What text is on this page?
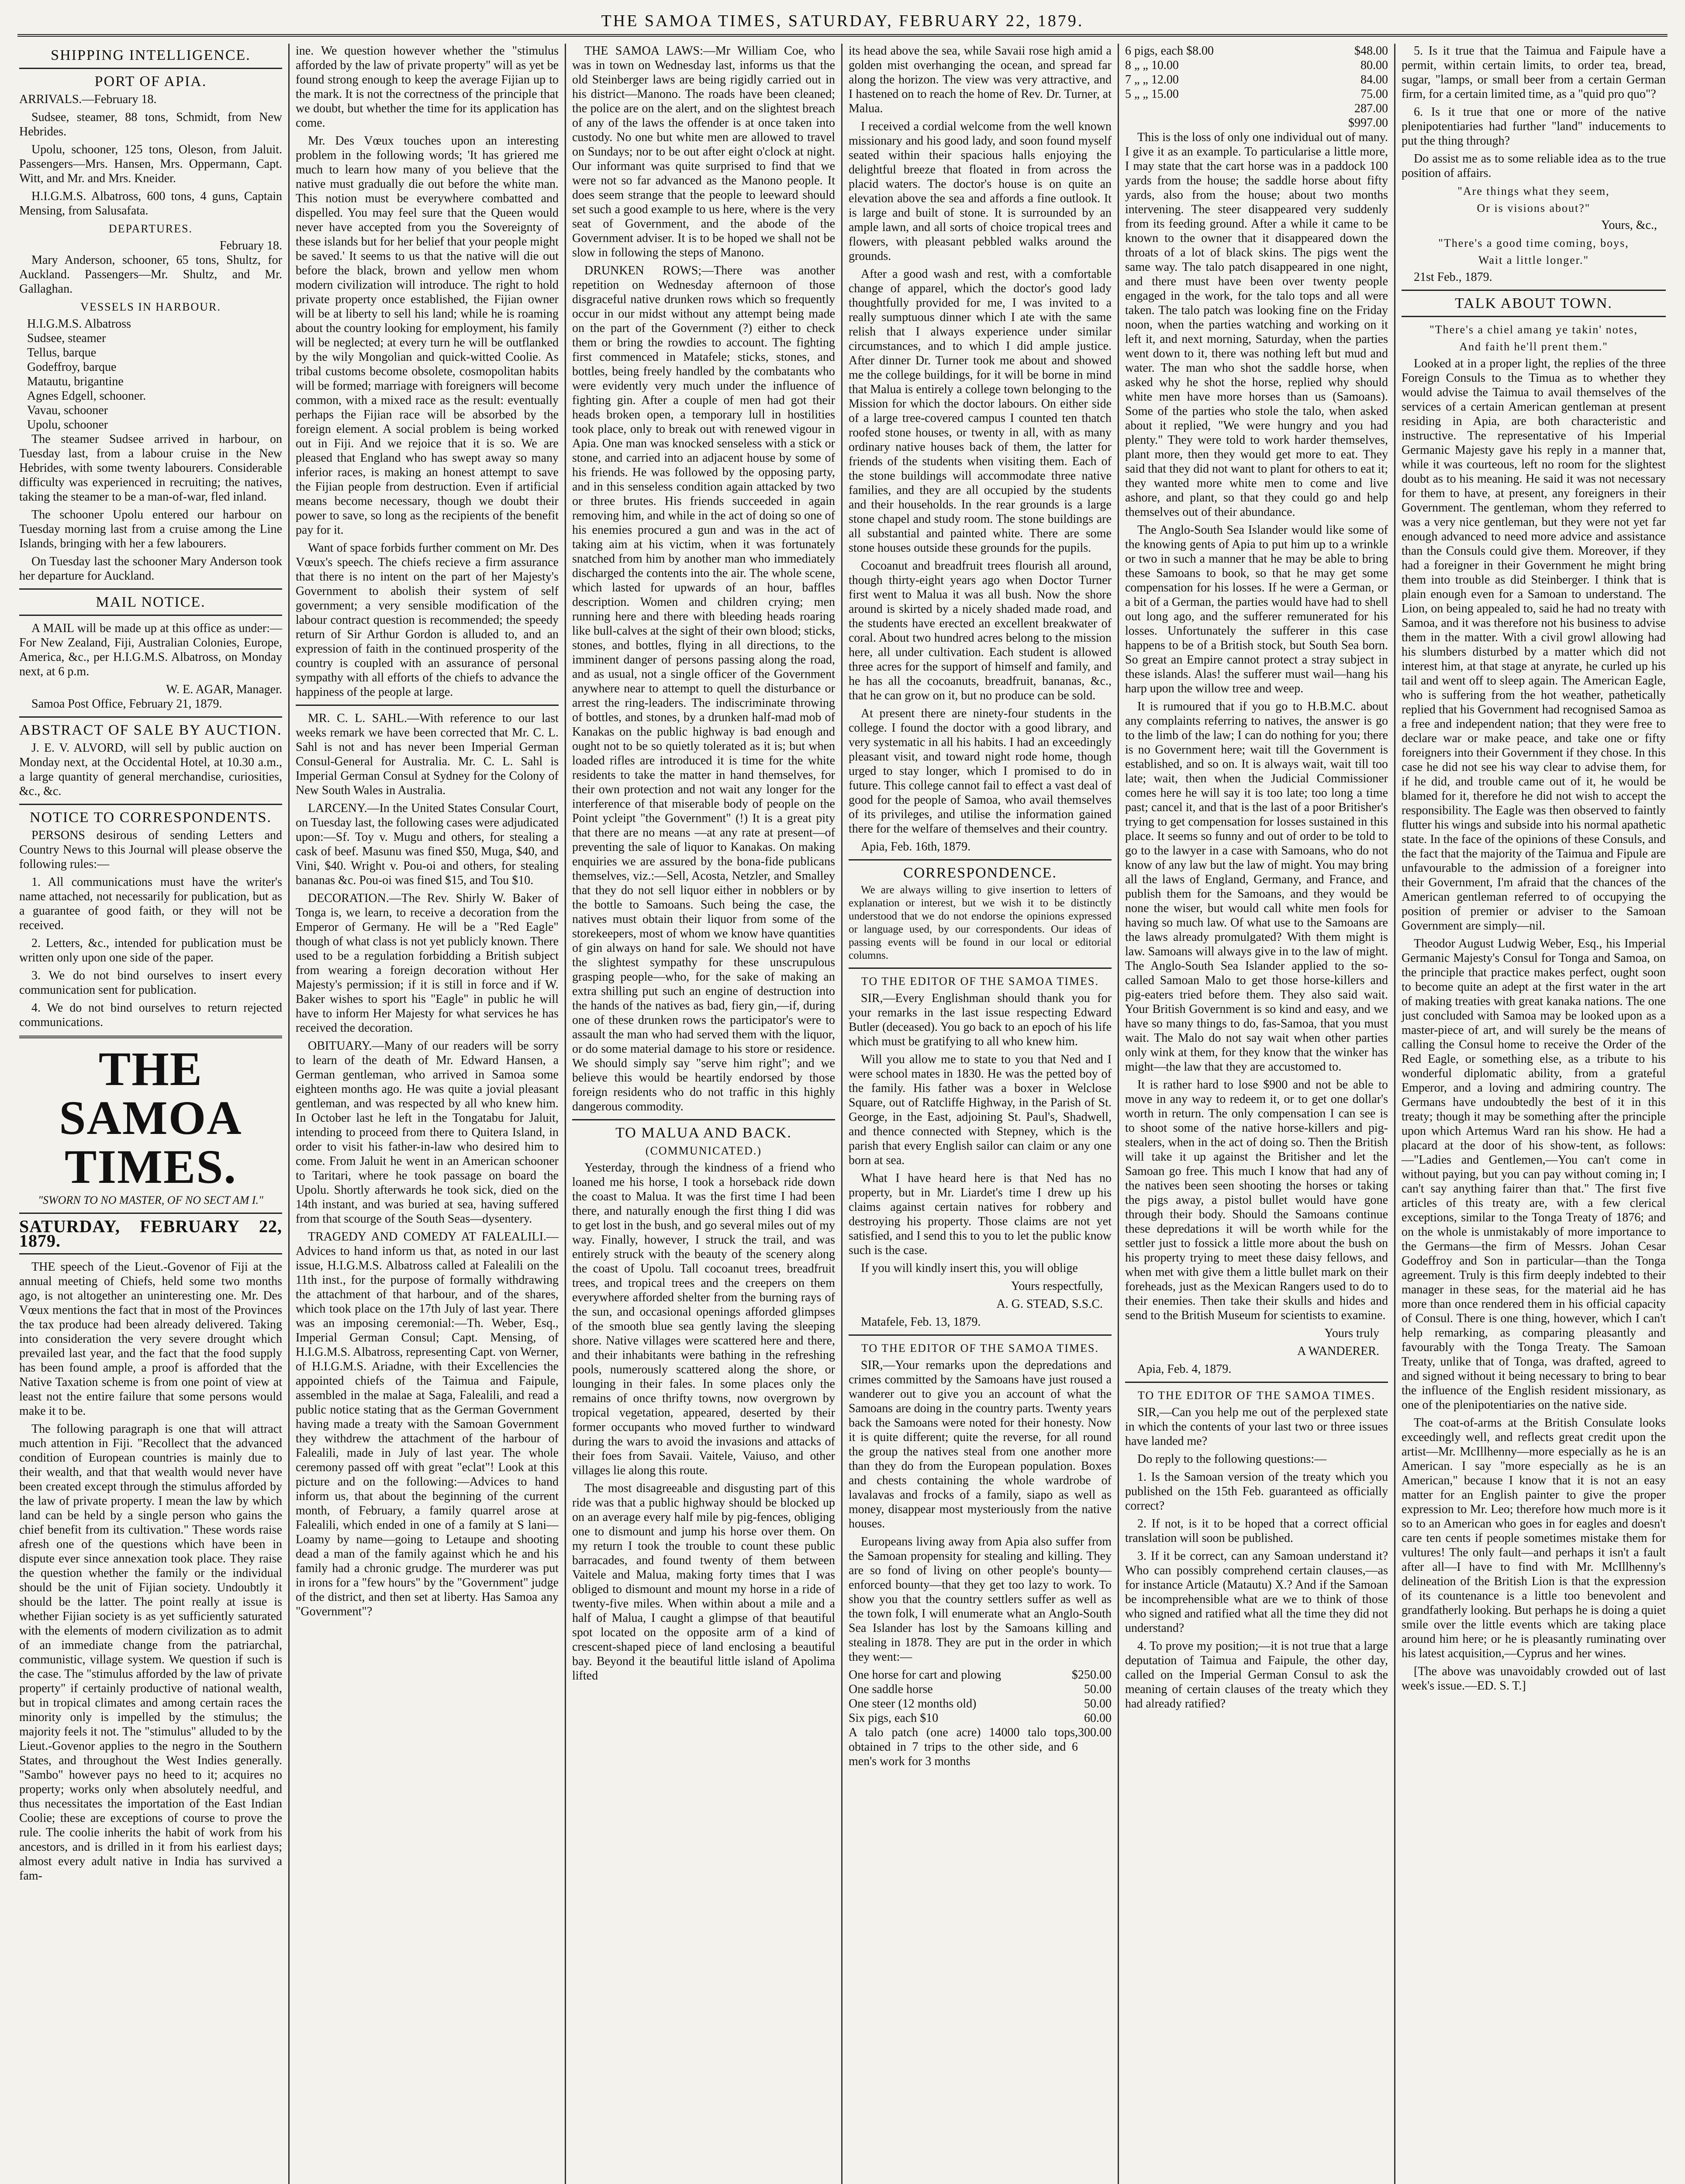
THE SAMOA TIMES, SATURDAY, FEBRUARY 22, 1879.
SHIPPING INTELLIGENCE.
PORT OF APIA.

ARRIVALS.—February 18.

Sudsee, steamer, 88 tons, Schmidt, from New Hebrides.

Upolu, schooner, 125 tons, Oleson, from Jaluit. Passengers—Mrs. Hansen, Mrs. Oppermann, Capt. Witt, and Mr. and Mrs. Kneider.

H.I.G.M.S. Albatross, 600 tons, 4 guns, Captain Mensing, from Salusafata.

DEPARTURES.
February 18.

Mary Anderson, schooner, 65 tons, Shultz, for Auckland. Passengers—Mr. Shultz, and Mr. Gallaghan.

VESSELS IN HARBOUR.

H.I.G.M.S. Albatross

Sudsee, steamer

Tellus, barque

Godeffroy, barque

Matautu, brigantine

Agnes Edgell, schooner.

Vavau, schooner

Upolu, schooner

The steamer Sudsee arrived in harbour, on Tuesday last, from a labour cruise in the New Hebrides, with some twenty labourers. Considerable difficulty was experienced in recruiting; the natives, taking the steamer to be a man-of-war, fled inland.

The schooner Upolu entered our harbour on Tuesday morning last from a cruise among the Line Islands, bringing with her a few labourers.

On Tuesday last the schooner Mary Anderson took her departure for Auckland.

MAIL NOTICE.

A MAIL will be made up at this office as under:— For New Zealand, Fiji, Australian Colonies, Europe, America, &c., per H.I.G.M.S. Albatross, on Monday next, at 6 p.m.

W. E. AGAR, Manager.

Samoa Post Office, February 21, 1879.

ABSTRACT OF SALE BY AUCTION.

J. E. V. ALVORD, will sell by public auction on Monday next, at the Occidental Hotel, at 10.30 a.m., a large quantity of general merchandise, curiosities, &c., &c.

NOTICE TO CORRESPONDENTS.

PERSONS desirous of sending Letters and Country News to this Journal will please observe the following rules:—

1. All communications must have the writer's name attached, not necessarily for publication, but as a guarantee of good faith, or they will not be received.

2. Letters, &c., intended for publication must be written only upon one side of the paper.

3. We do not bind ourselves to insert every communication sent for publication.

4. We do not bind ourselves to return rejected communications.

THE SAMOA TIMES.
"SWORN TO NO MASTER, OF NO SECT AM I."
SATURDAY, FEBRUARY 22, 1879.

THE speech of the Lieut.-Govenor of Fiji at the annual meeting of Chiefs, held some two months ago, is not altogether an uninteresting one. Mr. Des Vœux mentions the fact that in most of the Provinces the tax produce had been already delivered. Taking into consideration the very severe drought which prevailed last year, and the fact that the food supply has been found ample, a proof is afforded that the Native Taxation scheme is from one point of view at least not the entire failure that some persons would make it to be.

The following paragraph is one that will attract much attention in Fiji. "Recollect that the advanced condition of European countries is mainly due to their wealth, and that that wealth would never have been created except through the stimulus afforded by the law of private property. I mean the law by which land can be held by a single person who gains the chief benefit from its cultivation." These words raise afresh one of the questions which have been in dispute ever since annexation took place. They raise the question whether the family or the individual should be the unit of Fijian society. Undoubtly it should be the latter. The point really at issue is whether Fijian society is as yet sufficiently saturated with the elements of modern civilization as to admit of an immediate change from the patriarchal, communistic, village system. We question if such is the case. The "stimulus afforded by the law of private property" if certainly productive of national wealth, but in tropical climates and among certain races the minority only is impelled by the stimulus; the majority feels it not. The "stimulus" alluded to by the Lieut.-Govenor applies to the negro in the Southern States, and throughout the West Indies generally. "Sambo" however pays no heed to it; acquires no property; works only when absolutely needful, and thus necessitates the importation of the East Indian Coolie; these are exceptions of course to prove the rule. The coolie inherits the habit of work from his ancestors, and is drilled in it from his earliest days; almost every adult native in India has survived a fam-

ine. We question however whether the "stimulus afforded by the law of private property" will as yet be found strong enough to keep the average Fijian up to the mark. It is not the correctness of the principle that we doubt, but whether the time for its application has come.

Mr. Des Vœux touches upon an interesting problem in the following words; 'It has griered me much to learn how many of you believe that the native must gradually die out before the white man. This notion must be everywhere combatted and dispelled. You may feel sure that the Queen would never have accepted from you the Sovereignty of these islands but for her belief that your people might be saved.' It seems to us that the native will die out before the black, brown and yellow men whom modern civilization will introduce. The right to hold private property once established, the Fijian owner will be at liberty to sell his land; while he is roaming about the country looking for employment, his family will be neglected; at every turn he will be outflanked by the wily Mongolian and quick-witted Coolie. As tribal customs become obsolete, cosmopolitan habits will be formed; marriage with foreigners will become common, with a mixed race as the result: eventually perhaps the Fijian race will be absorbed by the foreign element. A social problem is being worked out in Fiji. And we rejoice that it is so. We are pleased that England who has swept away so many inferior races, is making an honest attempt to save the Fijian people from destruction. Even if artificial means become necessary, though we doubt their power to save, so long as the recipients of the benefit pay for it.

Want of space forbids further comment on Mr. Des Vœux's speech. The chiefs recieve a firm assurance that there is no intent on the part of her Majesty's Government to abolish their system of self government; a very sensible modification of the labour contract question is recommended; the speedy return of Sir Arthur Gordon is alluded to, and an expression of faith in the continued prosperity of the country is coupled with an assurance of personal sympathy with all efforts of the chiefs to advance the happiness of the people at large.

MR. C. L. SAHL.—With reference to our last weeks remark we have been corrected that Mr. C. L. Sahl is not and has never been Imperial German Consul-General for Australia. Mr. C. L. Sahl is Imperial German Consul at Sydney for the Colony of New South Wales in Australia.

LARCENY.—In the United States Consular Court, on Tuesday last, the following cases were adjudicated upon:—Sf. Toy v. Mugu and others, for stealing a cask of beef. Masunu was fined $50, Muga, $40, and Vini, $40. Wright v. Pou-oi and others, for stealing bananas &c. Pou-oi was fined $15, and Tou $10.

DECORATION.—The Rev. Shirly W. Baker of Tonga is, we learn, to receive a decoration from the Emperor of Germany. He will be a "Red Eagle" though of what class is not yet publicly known. There used to be a regulation forbidding a British subject from wearing a foreign decoration without Her Majesty's permission; if it is still in force and if W. Baker wishes to sport his "Eagle" in public he will have to inform Her Majesty for what services he has received the decoration.

OBITUARY.—Many of our readers will be sorry to learn of the death of Mr. Edward Hansen, a German gentleman, who arrived in Samoa some eighteen months ago. He was quite a jovial pleasant gentleman, and was respected by all who knew him. In October last he left in the Tongatabu for Jaluit, intending to proceed from there to Quitera Island, in order to visit his father-in-law who desired him to come. From Jaluit he went in an American schooner to Taritari, where he took passage on board the Upolu. Shortly afterwards he took sick, died on the 14th instant, and was buried at sea, having suffered from that scourge of the South Seas—dysentery.

TRAGEDY AND COMEDY AT FALEALILI.—Advices to hand inform us that, as noted in our last issue, H.I.G.M.S. Albatross called at Falealili on the 11th inst., for the purpose of formally withdrawing the attachment of that harbour, and of the shares, which took place on the 17th July of last year. There was an imposing ceremonial:—Th. Weber, Esq., Imperial German Consul; Capt. Mensing, of H.I.G.M.S. Albatross, representing Capt. von Werner, of H.I.G.M.S. Ariadne, with their Excellencies the appointed chiefs of the Taimua and Faipule, assembled in the malae at Saga, Falealili, and read a public notice stating that as the German Government having made a treaty with the Samoan Government they withdrew the attachment of the harbour of Falealili, made in July of last year. The whole ceremony passed off with great "eclat"! Look at this picture and on the following:—Advices to hand inform us, that about the beginning of the current month, of February, a family quarrel arose at Falealili, which ended in one of a family at S lani—Loamy by name—going to Letaupe and shooting dead a man of the family against which he and his family had a chronic grudge. The murderer was put in irons for a "few hours" by the "Government" judge of the district, and then set at liberty. Has Samoa any "Government"?

THE SAMOA LAWS:—Mr William Coe, who was in town on Wednesday last, informs us that the old Steinberger laws are being rigidly carried out in his district—Manono. The roads have been cleaned; the police are on the alert, and on the slightest breach of any of the laws the offender is at once taken into custody. No one but white men are allowed to travel on Sundays; nor to be out after eight o'clock at night. Our informant was quite surprised to find that we were not so far advanced as the Manono people. It does seem strange that the people to leeward should set such a good example to us here, where is the very seat of Government, and the abode of the Government adviser. It is to be hoped we shall not be slow in following the steps of Manono.

DRUNKEN ROWS;—There was another repetition on Wednesday afternoon of those disgraceful native drunken rows which so frequently occur in our midst without any attempt being made on the part of the Government (?) either to check them or bring the rowdies to account. The fighting first commenced in Matafele; sticks, stones, and bottles, being freely handled by the combatants who were evidently very much under the influence of fighting gin. After a couple of men had got their heads broken open, a temporary lull in hostilities took place, only to break out with renewed vigour in Apia. One man was knocked senseless with a stick or stone, and carried into an adjacent house by some of his friends. He was followed by the opposing party, and in this senseless condition again attacked by two or three brutes. His friends succeeded in again removing him, and while in the act of doing so one of his enemies procured a gun and was in the act of taking aim at his victim, when it was fortunately snatched from him by another man who immediately discharged the contents into the air. The whole scene, which lasted for upwards of an hour, baffles description. Women and children crying; men running here and there with bleeding heads roaring like bull-calves at the sight of their own blood; sticks, stones, and bottles, flying in all directions, to the imminent danger of persons passing along the road, and as usual, not a single officer of the Government anywhere near to attempt to quell the disturbance or arrest the ring-leaders. The indiscriminate throwing of bottles, and stones, by a drunken half-mad mob of Kanakas on the public highway is bad enough and ought not to be so quietly tolerated as it is; but when loaded rifles are introduced it is time for the white residents to take the matter in hand themselves, for their own protection and not wait any longer for the interference of that miserable body of people on the Point ycleipt "the Government" (!) It is a great pity that there are no means —at any rate at present—of preventing the sale of liquor to Kanakas. On making enquiries we are assured by the bona-fide publicans themselves, viz.:—Sell, Acosta, Netzler, and Smalley that they do not sell liquor either in nobblers or by the bottle to Samoans. Such being the case, the natives must obtain their liquor from some of the storekeepers, most of whom we know have quantities of gin always on hand for sale. We should not have the slightest sympathy for these unscrupulous grasping people—who, for the sake of making an extra shilling put such an engine of destruction into the hands of the natives as bad, fiery gin,—if, during one of these drunken rows the participator's were to assault the man who had served them with the liquor, or do some material damage to his store or residence. We should simply say "serve him right"; and we believe this would be heartily endorsed by those foreign residents who do not traffic in this highly dangerous commodity.

TO MALUA AND BACK.
(COMMUNICATED.)

Yesterday, through the kindness of a friend who loaned me his horse, I took a horseback ride down the coast to Malua. It was the first time I had been there, and naturally enough the first thing I did was to get lost in the bush, and go several miles out of my way. Finally, however, I struck the trail, and was entirely struck with the beauty of the scenery along the coast of Upolu. Tall cocoanut trees, breadfruit trees, and tropical trees and the creepers on them everywhere afforded shelter from the burning rays of the sun, and occasional openings afforded glimpses of the smooth blue sea gently laving the sleeping shore. Native villages were scattered here and there, and their inhabitants were bathing in the refreshing pools, numerously scattered along the shore, or lounging in their fales. In some places only the remains of once thrifty towns, now overgrown by tropical vegetation, appeared, deserted by their former occupants who moved further to windward during the wars to avoid the invasions and attacks of their foes from Savaii. Vaitele, Vaiuso, and other villages lie along this route.

The most disagreeable and disgusting part of this ride was that a public highway should be blocked up on an average every half mile by pig-fences, obliging one to dismount and jump his horse over them. On my return I took the trouble to count these public barracades, and found twenty of them between Vaitele and Malua, making forty times that I was obliged to dismount and mount my horse in a ride of twenty-five miles. When within about a mile and a half of Malua, I caught a glimpse of that beautiful spot located on the opposite arm of a kind of crescent-shaped piece of land enclosing a beautiful bay. Beyond it the beautiful little island of Apolima lifted

its head above the sea, while Savaii rose high amid a golden mist overhanging the ocean, and spread far along the horizon. The view was very attractive, and I hastened on to reach the home of Rev. Dr. Turner, at Malua.

I received a cordial welcome from the well known missionary and his good lady, and soon found myself seated within their spacious halls enjoying the delightful breeze that floated in from across the placid waters. The doctor's house is on quite an elevation above the sea and affords a fine outlook. It is large and built of stone. It is surrounded by an ample lawn, and all sorts of choice tropical trees and flowers, with pleasant pebbled walks around the grounds.

After a good wash and rest, with a comfortable change of apparel, which the doctor's good lady thoughtfully provided for me, I was invited to a really sumptuous dinner which I ate with the same relish that I always experience under similar circumstances, and to which I did ample justice. After dinner Dr. Turner took me about and showed me the college buildings, for it will be borne in mind that Malua is entirely a college town belonging to the Mission for which the doctor labours. On either side of a large tree-covered campus I counted ten thatch roofed stone houses, or twenty in all, with as many ordinary native houses back of them, the latter for friends of the students when visiting them. Each of the stone buildings will accommodate three native families, and they are all occupied by the students and their households. In the rear grounds is a large stone chapel and study room. The stone buildings are all substantial and painted white. There are some stone houses outside these grounds for the pupils.

Cocoanut and breadfruit trees flourish all around, though thirty-eight years ago when Doctor Turner first went to Malua it was all bush. Now the shore around is skirted by a nicely shaded made road, and the students have erected an excellent breakwater of coral. About two hundred acres belong to the mission here, all under cultivation. Each student is allowed three acres for the support of himself and family, and he has all the cocoanuts, breadfruit, bananas, &c., that he can grow on it, but no produce can be sold.

At present there are ninety-four students in the college. I found the doctor with a good library, and very systematic in all his habits. I had an exceedingly pleasant visit, and toward night rode home, though urged to stay longer, which I promised to do in future. This college cannot fail to effect a vast deal of good for the people of Samoa, who avail themselves of its privileges, and utilise the information gained there for the welfare of themselves and their country.

Apia, Feb. 16th, 1879.

CORRESPONDENCE.

We are always willing to give insertion to letters of explanation or interest, but we wish it to be distinctly understood that we do not endorse the opinions expressed or language used, by our correspondents. Our ideas of passing events will be found in our local or editorial columns.

TO THE EDITOR OF THE SAMOA TIMES.

SIR,—Every Englishman should thank you for your remarks in the last issue respecting Edward Butler (deceased). You go back to an epoch of his life which must be gratifying to all who knew him.

Will you allow me to state to you that Ned and I were school mates in 1830. He was the petted boy of the family. His father was a boxer in Welclose Square, out of Ratcliffe Highway, in the Parish of St. George, in the East, adjoining St. Paul's, Shadwell, and thence connected with Stepney, which is the parish that every English sailor can claim or any one born at sea.

What I have heard here is that Ned has no property, but in Mr. Liardet's time I drew up his claims against certain natives for robbery and destroying his property. Those claims are not yet satisfied, and I send this to you to let the public know such is the case.

If you will kindly insert this, you will oblige

Yours respectfully,
A. G. STEAD, S.S.C.

Matafele, Feb. 13, 1879.

TO THE EDITOR OF THE SAMOA TIMES.

SIR,—Your remarks upon the depredations and crimes committed by the Samoans have just roused a wanderer out to give you an account of what the Samoans are doing in the country parts. Twenty years back the Samoans were noted for their honesty. Now it is quite different; quite the reverse, for all round the group the natives steal from one another more than they do from the European population. Boxes and chests containing the whole wardrobe of lavalavas and frocks of a family, siapo as well as money, disappear most mysteriously from the native houses.

Europeans living away from Apia also suffer from the Samoan propensity for stealing and killing. They are so fond of living on other people's bounty—enforced bounty—that they get too lazy to work. To show you that the country settlers suffer as well as the town folk, I will enumerate what an Anglo-South Sea Islander has lost by the Samoans killing and stealing in 1878. They are put in the order in which they went:—

One horse for cart and plowing	$250.00
One saddle horse	50.00
One steer (12 months old)	50.00
Six pigs, each $10	60.00
A talo patch (one acre) 14000 talo tops, obtained in 7 trips to the other side, and 6 men's work for 3 months
300.00
6 pigs, each $8.00	$48.00
8 „ „ 10.00	80.00
7 „ „ 12.00	84.00
5 „ „ 15.00	75.00
287.00
$997.00

This is the loss of only one individual out of many. I give it as an example. To particularise a little more, I may state that the cart horse was in a paddock 100 yards from the house; the saddle horse about fifty yards, also from the house; about two months intervening. The steer disappeared very suddenly from its feeding ground. After a while it came to be known to the owner that it disappeared down the throats of a lot of black skins. The pigs went the same way. The talo patch disappeared in one night, and there must have been over twenty people engaged in the work, for the talo tops and all were taken. The talo patch was looking fine on the Friday noon, when the parties watching and working on it left it, and next morning, Saturday, when the parties went down to it, there was nothing left but mud and water. The man who shot the saddle horse, when asked why he shot the horse, replied why should white men have more horses than us (Samoans). Some of the parties who stole the talo, when asked about it replied, "We were hungry and you had plenty." They were told to work harder themselves, plant more, then they would get more to eat. They said that they did not want to plant for others to eat it; they wanted more white men to come and live ashore, and plant, so that they could go and help themselves out of their abundance.

The Anglo-South Sea Islander would like some of the knowing gents of Apia to put him up to a wrinkle or two in such a manner that he may be able to bring these Samoans to book, so that he may get some compensation for his losses. If he were a German, or a bit of a German, the parties would have had to shell out long ago, and the sufferer remunerated for his losses. Unfortunately the sufferer in this case happens to be of a British stock, but South Sea born. So great an Empire cannot protect a stray subject in these islands. Alas! the sufferer must wail—hang his harp upon the willow tree and weep.

It is rumoured that if you go to H.B.M.C. about any complaints referring to natives, the answer is go to the limb of the law; I can do nothing for you; there is no Government here; wait till the Government is established, and so on. It is always wait, wait till too late; wait, then when the Judicial Commissioner comes here he will say it is too late; too long a time past; cancel it, and that is the last of a poor Britisher's trying to get compensation for losses sustained in this place. It seems so funny and out of order to be told to go to the lawyer in a case with Samoans, who do not know of any law but the law of might. You may bring all the laws of England, Germany, and France, and publish them for the Samoans, and they would be none the wiser, but would call white men fools for having so much law. Of what use to the Samoans are the laws already promulgated? With them might is law. Samoans will always give in to the law of might. The Anglo-South Sea Islander applied to the so-called Samoan Malo to get those horse-killers and pig-eaters tried before them. They also said wait. Your British Government is so kind and easy, and we have so many things to do, fas-Samoa, that you must wait. The Malo do not say wait when other parties only wink at them, for they know that the winker has might—the law that they are accustomed to.

It is rather hard to lose $900 and not be able to move in any way to redeem it, or to get one dollar's worth in return. The only compensation I can see is to shoot some of the native horse-killers and pig-stealers, when in the act of doing so. Then the British will take it up against the Britisher and let the Samoan go free. This much I know that had any of the natives been seen shooting the horses or taking the pigs away, a pistol bullet would have gone through their body. Should the Samoans continue these depredations it will be worth while for the settler just to fossick a little more about the bush on his property trying to meet these daisy fellows, and when met with give them a little bullet mark on their foreheads, just as the Mexican Rangers used to do to their enemies. Then take their skulls and hides and send to the British Museum for scientists to examine.

Yours truly
A WANDERER.

Apia, Feb. 4, 1879.

TO THE EDITOR OF THE SAMOA TIMES.

SIR,—Can you help me out of the perplexed state in which the contents of your last two or three issues have landed me?

Do reply to the following questions:—

1. Is the Samoan version of the treaty which you published on the 15th Feb. guaranteed as officially correct?

2. If not, is it to be hoped that a correct official translation will soon be published.

3. If it be correct, can any Samoan understand it? Who can possibly comprehend certain clauses,—as for instance Article (Matautu) X.? And if the Samoan be incomprehensible what are we to think of those who signed and ratified what all the time they did not understand?

4. To prove my position;—it is not true that a large deputation of Taimua and Faipule, the other day, called on the Imperial German Consul to ask the meaning of certain clauses of the treaty which they had already ratified?

5. Is it true that the Taimua and Faipule have a permit, within certain limits, to order tea, bread, sugar, "lamps, or small beer from a certain German firm, for a certain limited time, as a "quid pro quo"?

6. Is it true that one or more of the native plenipotentiaries had further "land" inducements to put the thing through?

Do assist me as to some reliable idea as to the true position of affairs.

"Are things what they seem,
Or is visions about?"
Yours, &c.,
"There's a good time coming, boys,
Wait a little longer."

21st Feb., 1879.

TALK ABOUT TOWN.
"There's a chiel amang ye takin' notes,
And faith he'll prent them."

Looked at in a proper light, the replies of the three Foreign Consuls to the Timua as to whether they would advise the Taimua to avail themselves of the services of a certain American gentleman at present residing in Apia, are both characteristic and instructive. The representative of his Imperial Germanic Majesty gave his reply in a manner that, while it was courteous, left no room for the slightest doubt as to his meaning. He said it was not necessary for them to have, at present, any foreigners in their Government. The gentleman, whom they referred to was a very nice gentleman, but they were not yet far enough advanced to need more advice and assistance than the Consuls could give them. Moreover, if they had a foreigner in their Government he might bring them into trouble as did Steinberger. I think that is plain enough even for a Samoan to understand. The Lion, on being appealed to, said he had no treaty with Samoa, and it was therefore not his business to advise them in the matter. With a civil growl allowing had his slumbers disturbed by a matter which did not interest him, at that stage at anyrate, he curled up his tail and went off to sleep again. The American Eagle, who is suffering from the hot weather, pathetically replied that his Government had recognised Samoa as a free and independent nation; that they were free to declare war or make peace, and take one or fifty foreigners into their Government if they chose. In this case he did not see his way clear to advise them, for if he did, and trouble came out of it, he would be blamed for it, therefore he did not wish to accept the responsibility. The Eagle was then observed to faintly flutter his wings and subside into his normal apathetic state. In the face of the opinions of these Consuls, and the fact that the majority of the Taimua and Fipule are unfavourable to the admission of a foreigner into their Government, I'm afraid that the chances of the American gentleman referred to of occupying the position of premier or adviser to the Samoan Government are simply—nil.

Theodor August Ludwig Weber, Esq., his Imperial Germanic Majesty's Consul for Tonga and Samoa, on the principle that practice makes perfect, ought soon to become quite an adept at the first water in the art of making treaties with great kanaka nations. The one just concluded with Samoa may be looked upon as a master-piece of art, and will surely be the means of calling the Consul home to receive the Order of the Red Eagle, or something else, as a tribute to his wonderful diplomatic ability, from a grateful Emperor, and a loving and admiring country. The Germans have undoubtedly the best of it in this treaty; though it may be something after the principle upon which Artemus Ward ran his show. He had a placard at the door of his show-tent, as follows:—"Ladies and Gentlemen,—You can't come in without paying, but you can pay without coming in; I can't say anything fairer than that." The first five articles of this treaty are, with a few clerical exceptions, similar to the Tonga Treaty of 1876; and on the whole is unmistakably of more importance to the Germans—the firm of Messrs. Johan Cesar Godeffroy and Son in particular—than the Tonga agreement. Truly is this firm deeply indebted to their manager in these seas, for the material aid he has more than once rendered them in his official capacity of Consul. There is one thing, however, which I can't help remarking, as comparing pleasantly and favourably with the Tonga Treaty. The Samoan Treaty, unlike that of Tonga, was drafted, agreed to and signed without it being necessary to bring to bear the influence of the English resident missionary, as one of the plenipotentiaries on the native side.

The coat-of-arms at the British Consulate looks exceedingly well, and reflects great credit upon the artist—Mr. McIllhenny—more especially as he is an American. I say "more especially as he is an American," because I know that it is not an easy matter for an English painter to give the proper expression to Mr. Leo; therefore how much more is it so to an American who goes in for eagles and doesn't care ten cents if people sometimes mistake them for vultures! The only fault—and perhaps it isn't a fault after all—I have to find with Mr. McIllhenny's delineation of the British Lion is that the expression of its countenance is a little too benevolent and grandfatherly looking. But perhaps he is doing a quiet smile over the little events which are taking place around him here; or he is pleasantly ruminating over his latest acquisition,—Cyprus and her wines.

[The above was unavoidably crowded out of last week's issue.—ED. S. T.]
